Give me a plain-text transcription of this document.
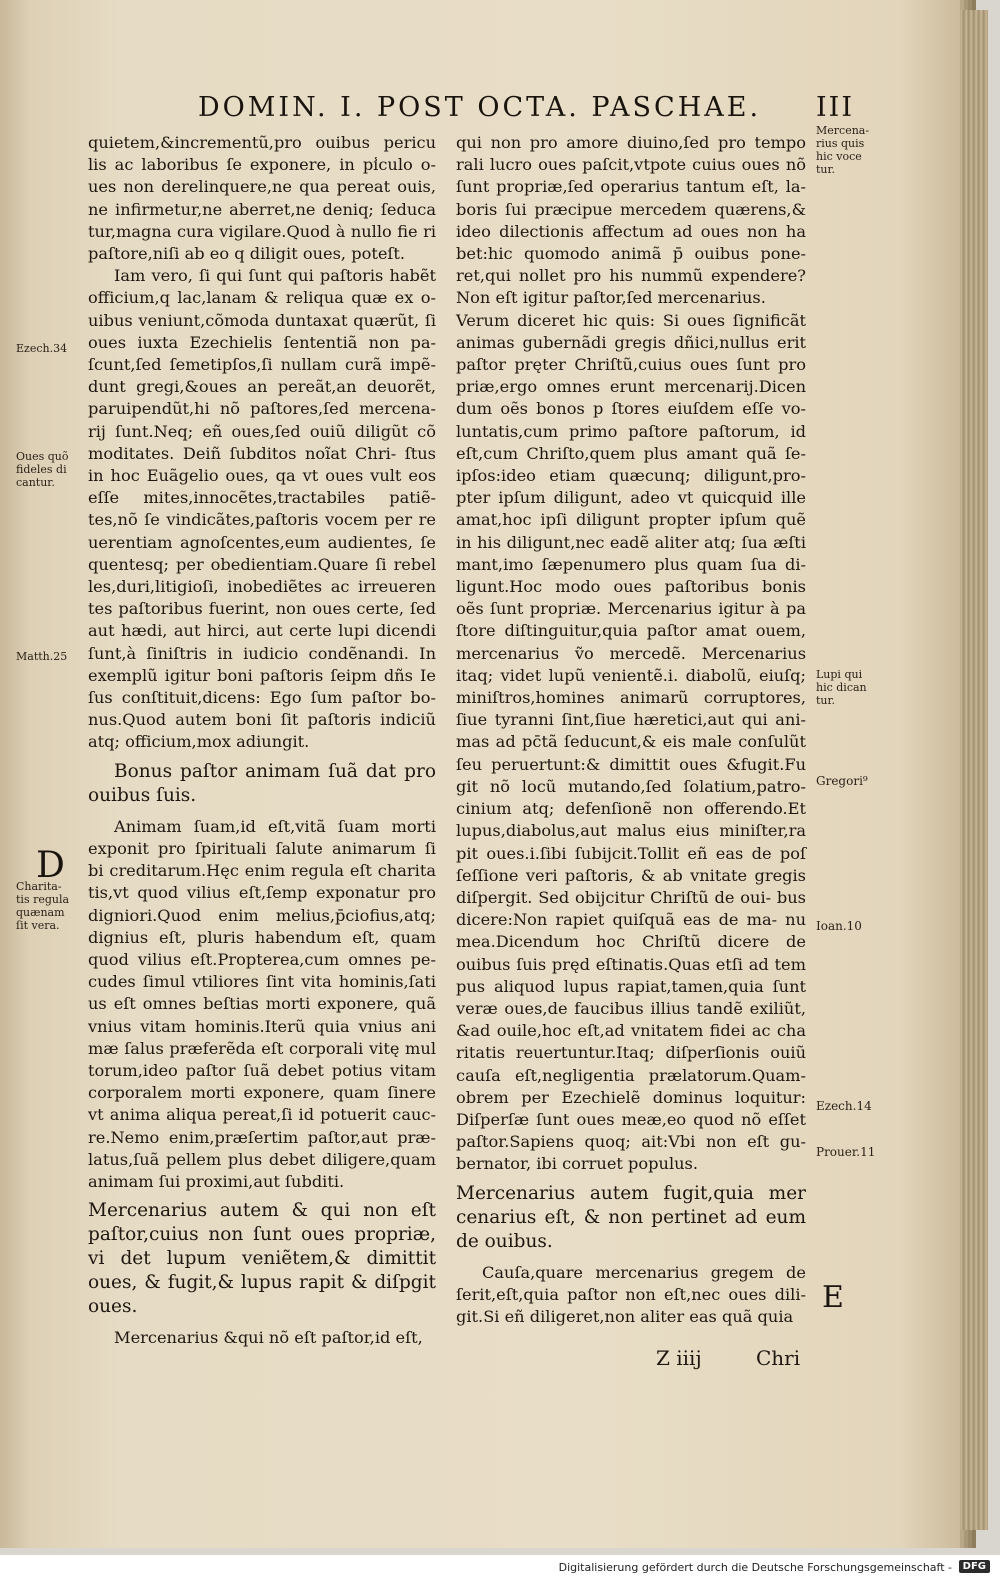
DOMIN. I. POST OCTA. PASCHAE. III

quietem,&incrementũ,pro ouibus pericu lis ac laboribus ſe exponere, in pi̾culo o- ues non derelinquere,ne qua pereat ouis, ne infirmetur,ne aberret,ne deniq; ſeduca tur,magna cura vigilare.Quod à nullo fie ri paſtore,niſi ab eo q diligit oues, poteſt.

Iam vero, ſi qui ſunt qui paſtoris habẽt officium,q lac,lanam & reliqua quæ ex o- uibus veniunt,cõmoda duntaxat quærũt, ſi oues iuxta Ezechielis ſententiã non pa- ſcunt,ſed ſemetipſos,ſi nullam curã impẽ- dunt gregi,&oues an pereãt,an deuorẽt, paruipendũt,hi nõ paſtores,ſed mercena- rij ſunt.Neq; eñ oues,ſed ouiũ diligũt cõ moditates. Deiñ ſubditos noĩat Chri- ſtus in hoc Euãgelio oues, qa vt oues vult eos eſſe mites,innocẽtes,tractabiles patiẽ- tes,nõ ſe vindicãtes,paſtoris vocem per re uerentiam agnoſcentes,eum audientes, ſe quentesq; per obedientiam.Quare ſi rebel les,duri,litigioſi, inobediẽtes ac irreueren tes paſtoribus fuerint, non oues certe, ſed aut hædi, aut hirci, aut certe lupi dicendi ſunt,à ſiniſtris in iudicio condẽnandi. In exemplũ igitur boni paſtoris ſeipm dñs Ie ſus conſtituit,dicens: Ego ſum paſtor bo- nus.Quod autem boni ſit paſtoris indiciũ atq; officium,mox adiungit.

Bonus paſtor animam ſuã dat pro ouibus ſuis.

Animam ſuam,id eſt,vitã ſuam morti exponit pro ſpirituali ſalute animarum ſi bi creditarum.Hęc enim regula eſt charita tis,vt quod vilius eſt,ſemp exponatur pro digniori.Quod enim melius,p̄ciofius,atq; dignius eſt, pluris habendum eſt, quam quod vilius eſt.Propterea,cum omnes pe- cudes ſimul vtiliores ſint vita hominis,ſati us eſt omnes beſtias morti exponere, quã vnius vitam hominis.Iterũ quia vnius ani mæ ſalus præferẽda eſt corporali vitę mul torum,ideo paſtor ſuã debet potius vitam corporalem morti exponere, quam ſinere vt anima aliqua pereat,ſi id potuerit cauc- re.Nemo enim,præſertim paſtor,aut præ- latus,ſuã pellem plus debet diligere,quam animam ſui proximi,aut ſubditi.

Mercenarius autem & qui non eſt paſtor,cuius non ſunt oues propriæ, vi det lupum veniẽtem,& dimittit oues, & fugit,& lupus rapit & diſpgit oues.

Mercenarius &qui nõ eſt paſtor,id eſt,

qui non pro amore diuino,ſed pro tempo rali lucro oues paſcit,vtpote cuius oues nõ ſunt propriæ,ſed operarius tantum eſt, la- boris ſui præcipue mercedem quærens,& ideo dilectionis affectum ad oues non ha bet:hic quomodo animã p̄ ouibus pone- ret,qui nollet pro his nummũ expendere? Non eſt igitur paſtor,ſed mercenarius.

Verum diceret hic quis: Si oues ſignificãt animas gubernãdi gregis dñici,nullus erit paſtor pręter Chriſtũ,cuius oues ſunt pro priæ,ergo omnes erunt mercenarij.Dicen dum oẽs bonos p ſtores eiuſdem eſſe vo- luntatis,cum primo paſtore paſtorum, id eſt,cum Chriſto,quem plus amant quã ſe- ipſos:ideo etiam quæcunq; diligunt,pro- pter ipſum diligunt, adeo vt quicquid ille amat,hoc ipſi diligunt propter ipſum quẽ in his diligunt,nec eadẽ aliter atq; ſua æſti mant,imo ſæpenumero plus quam ſua di- ligunt.Hoc modo oues paſtoribus bonis oẽs ſunt propriæ. Mercenarius igitur à pa ſtore diſtinguitur,quia paſtor amat ouem, mercenarius ṽo mercedẽ. Mercenarius itaq; videt lupũ venientẽ.i. diabolũ, eiuſq; miniſtros,homines animarũ corruptores, ſiue tyranni ſint,ſiue hæretici,aut qui ani- mas ad pc̄tã ſeducunt,& eis male conſulũt ſeu peruertunt:& dimittit oues &fugit.Fu git nõ locũ mutando,ſed ſolatium,patro- cinium atq; defenſionẽ non offerendo.Et lupus,diabolus,aut malus eius miniſter,ra pit oues.i.ſibi ſubijcit.Tollit eñ eas de poſ ſeſſione veri paſtoris, & ab vnitate gregis diſpergit. Sed obijcitur Chriſtũ de oui- bus dicere:Non rapiet quiſquã eas de ma- nu mea.Dicendum hoc Chriſtũ dicere de ouibus ſuis pręd eſtinatis.Quas etſi ad tem pus aliquod lupus rapiat,tamen,quia ſunt veræ oues,de faucibus illius tandẽ exiliũt, &ad ouile,hoc eſt,ad vnitatem fidei ac cha ritatis reuertuntur.Itaq; diſperſionis ouiũ cauſa eſt,negligentia prælatorum.Quam- obrem per Ezechielẽ dominus loquitur: Diſperſæ ſunt oues meæ,eo quod nõ eſſet paſtor.Sapiens quoq; ait:Vbi non eſt gu- bernator, ibi corruet populus.

Mercenarius autem fugit,quia mer cenarius eſt, & non pertinet ad eum de ouibus.

Cauſa,quare mercenarius gregem de ſerit,eſt,quia paſtor non eſt,nec oues dili- git.Si eñ diligeret,non aliter eas quã quia

D
E
Ezech.34
Oues quõ
fideles di
cantur.
Matth.25
Charita-
tis regula
quænam
ſit vera.
Mercena-
rius quis
hic voce
tur.
Lupi qui
hic dican
tur.
Gregori⁹
Ioan.10
Ezech.14
Prouer.11
Z iiij	Chri
Digitalisierung gefördert durch die Deutsche Forschungsgemeinschaft -	DFG
